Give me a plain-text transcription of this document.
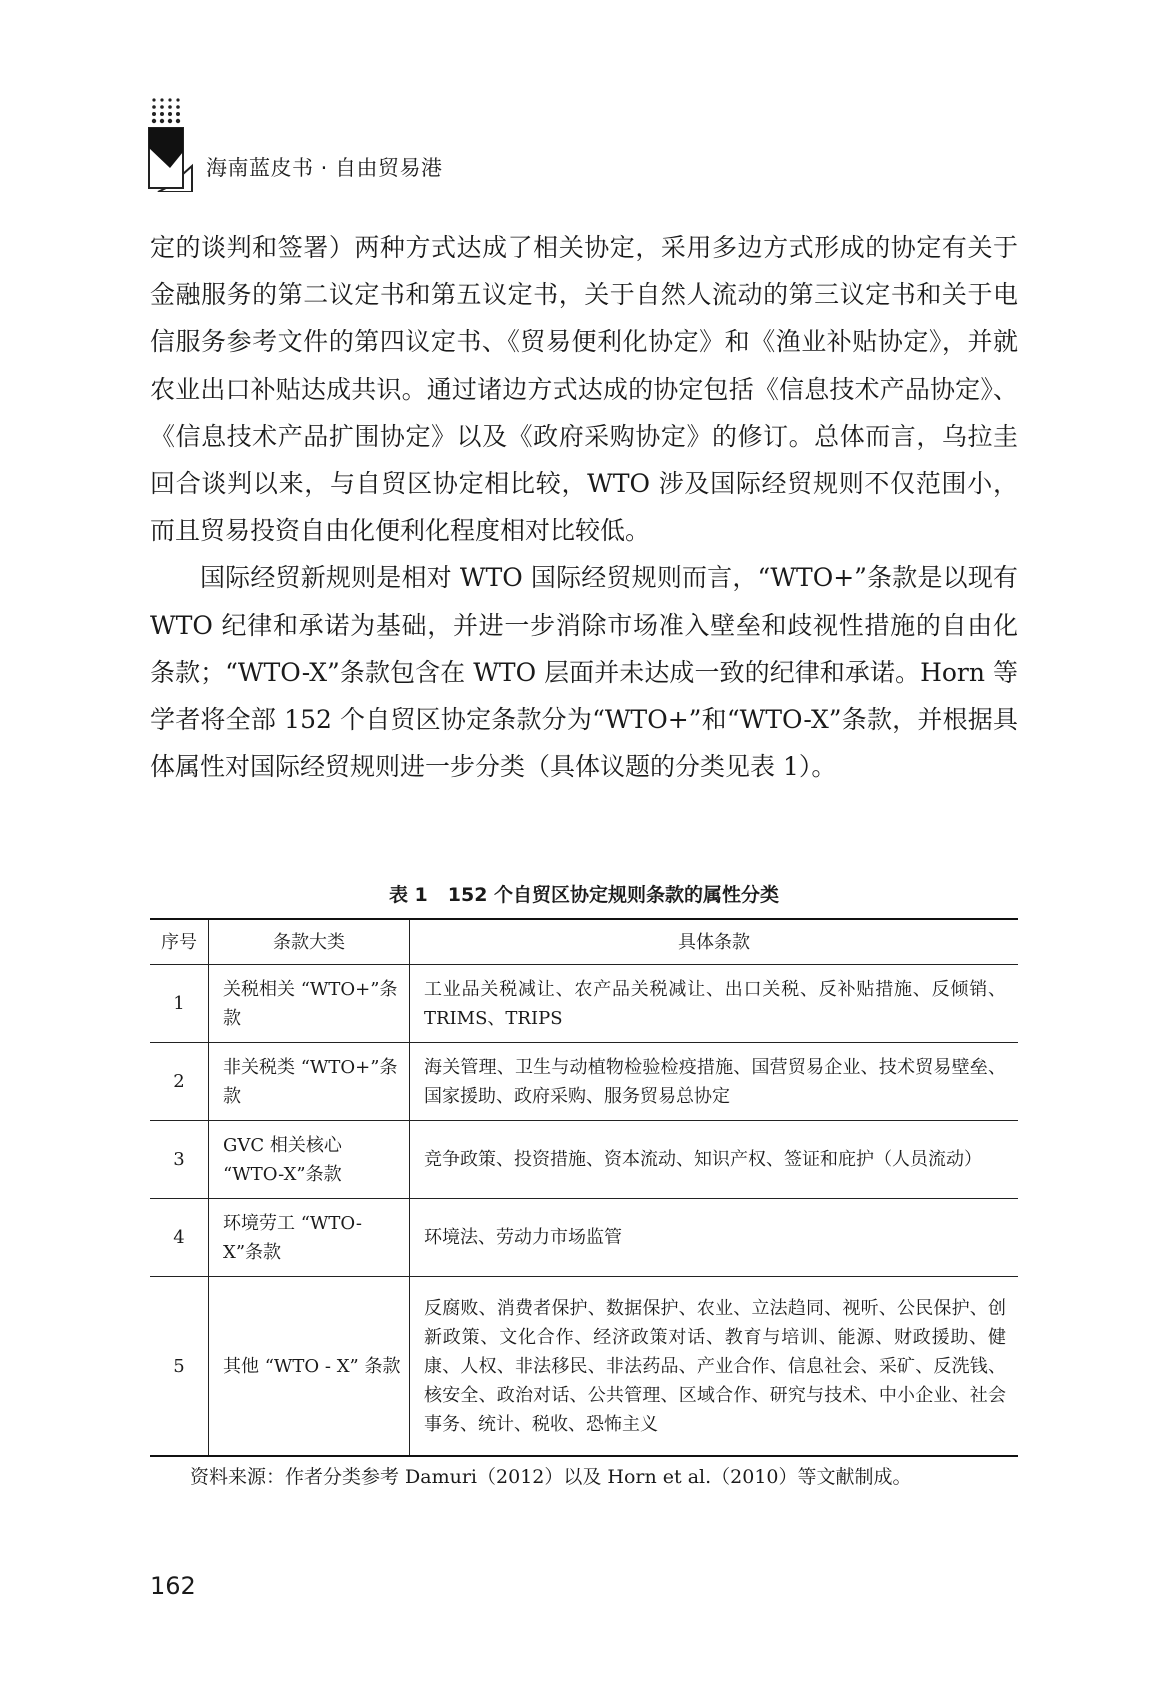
海南蓝皮书 · 自由贸易港

定的谈判和签署）两种方式达成了相关协定，采用多边方式形成的协定有关于金融服务的第二议定书和第五议定书，关于自然人流动的第三议定书和关于电信服务参考文件的第四议定书、《贸易便利化协定》和《渔业补贴协定》，并就农业出口补贴达成共识。通过诸边方式达成的协定包括《信息技术产品协定》、《信息技术产品扩围协定》以及《政府采购协定》的修订。总体而言，乌拉圭回合谈判以来，与自贸区协定相比较，WTO 涉及国际经贸规则不仅范围小，而且贸易投资自由化便利化程度相对比较低。

国际经贸新规则是相对 WTO 国际经贸规则而言，“WTO+”条款是以现有 WTO 纪律和承诺为基础，并进一步消除市场准入壁垒和歧视性措施的自由化条款；“WTO-X”条款包含在 WTO 层面并未达成一致的纪律和承诺。Horn 等学者将全部 152 个自贸区协定条款分为“WTO+”和“WTO-X”条款，并根据具体属性对国际经贸规则进一步分类（具体议题的分类见表 1）。

表 1 152 个自贸区协定规则条款的属性分类
序号	条款大类	具体条款
1	关税相关 “WTO+”条款	工业品关税减让、农产品关税减让、出口关税、反补贴措施、反倾销、TRIMS、TRIPS
2	非关税类 “WTO+”条款	海关管理、卫生与动植物检验检疫措施、国营贸易企业、技术贸易壁垒、国家援助、政府采购、服务贸易总协定
3	GVC 相关核心 “WTO-X”条款	竞争政策、投资措施、资本流动、知识产权、签证和庇护（人员流动）
4	环境劳工 “WTO-X”条款	环境法、劳动力市场监管
5	其他 “WTO - X” 条款	反腐败、消费者保护、数据保护、农业、立法趋同、视听、公民保护、创新政策、文化合作、经济政策对话、教育与培训、能源、财政援助、健康、人权、非法移民、非法药品、产业合作、信息社会、采矿、反洗钱、核安全、政治对话、公共管理、区域合作、研究与技术、中小企业、社会事务、统计、税收、恐怖主义
资料来源：作者分类参考 Damuri（2012）以及 Horn et al.（2010）等文献制成。
162
